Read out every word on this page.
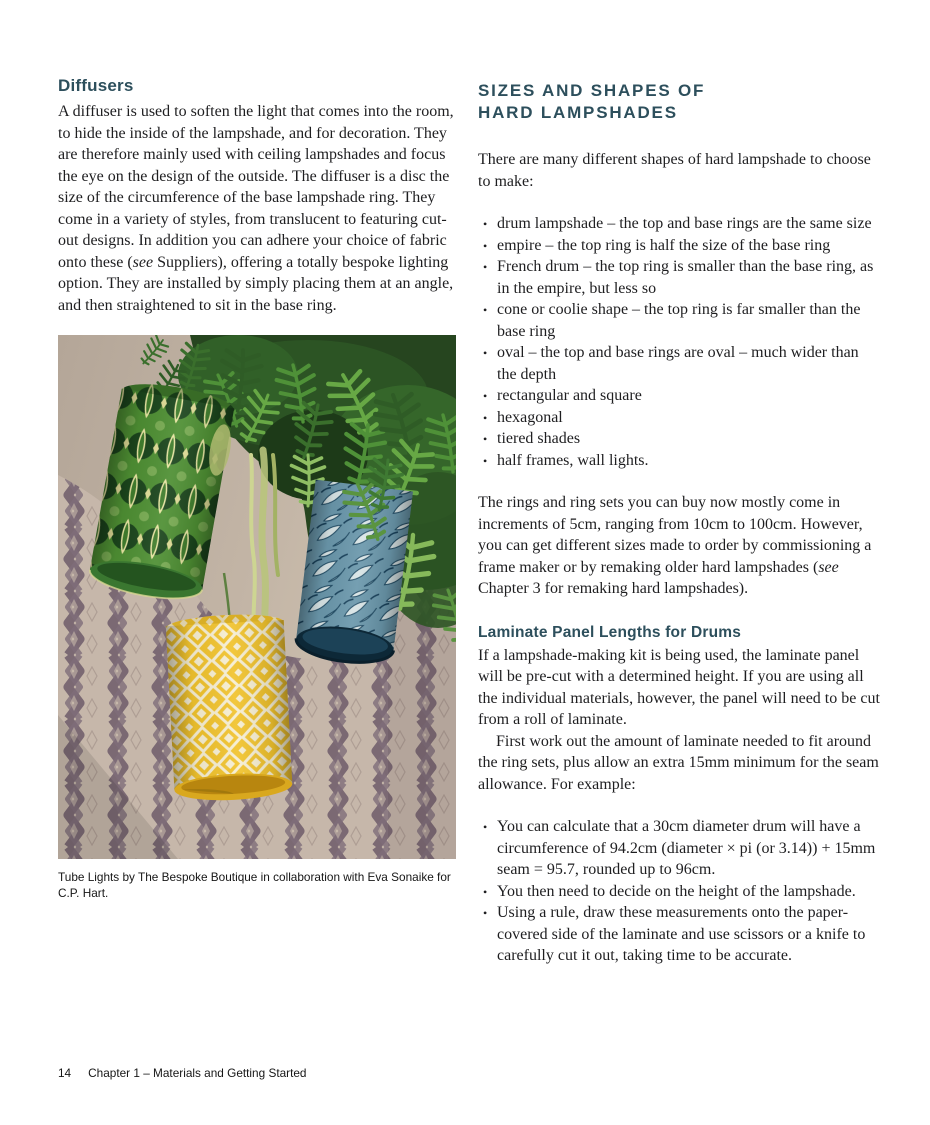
Diffusers

A diffuser is used to soften the light that comes into the room, to hide the inside of the lampshade, and for decoration. They are therefore mainly used with ceiling lampshades and focus the eye on the design of the outside. The diffuser is a disc the size of the circumference of the base lampshade ring. They come in a variety of styles, from translucent to featuring cut-out designs. In addition you can adhere your choice of fabric onto these (see Suppliers), offering a totally bespoke lighting option. They are installed by simply placing them at an angle, and then straightened to sit in the base ring.

Tube Lights by The Bespoke Boutique in collaboration with Eva Sonaike for C.P. Hart.

SIZES AND SHAPES OF
HARD LAMPSHADES

There are many different shapes of hard lampshade to choose to make:

• drum lampshade – the top and base rings are the same size
• empire – the top ring is half the size of the base ring
• French drum – the top ring is smaller than the base ring, as in the empire, but less so
• cone or coolie shape – the top ring is far smaller than the base ring
• oval – the top and base rings are oval – much wider than the depth
• rectangular and square
• hexagonal
• tiered shades
• half frames, wall lights.

The rings and ring sets you can buy now mostly come in increments of 5cm, ranging from 10cm to 100cm. However, you can get different sizes made to order by commissioning a frame maker or by remaking older hard lampshades (see Chapter 3 for remaking hard lampshades).

Laminate Panel Lengths for Drums

If a lampshade-making kit is being used, the laminate panel will be pre-cut with a determined height. If you are using all the individual materials, however, the panel will need to be cut from a roll of laminate.

First work out the amount of laminate needed to fit around the ring sets, plus allow an extra 15mm minimum for the seam allowance. For example:

• You can calculate that a 30cm diameter drum will have a circumference of 94.2cm (diameter × pi (or 3.14)) + 15mm seam = 95.7, rounded up to 96cm.
• You then need to decide on the height of the lampshade.
• Using a rule, draw these measurements onto the paper-covered side of the laminate and use scissors or a knife to carefully cut it out, taking time to be accurate.
14 Chapter 1 – Materials and Getting Started
